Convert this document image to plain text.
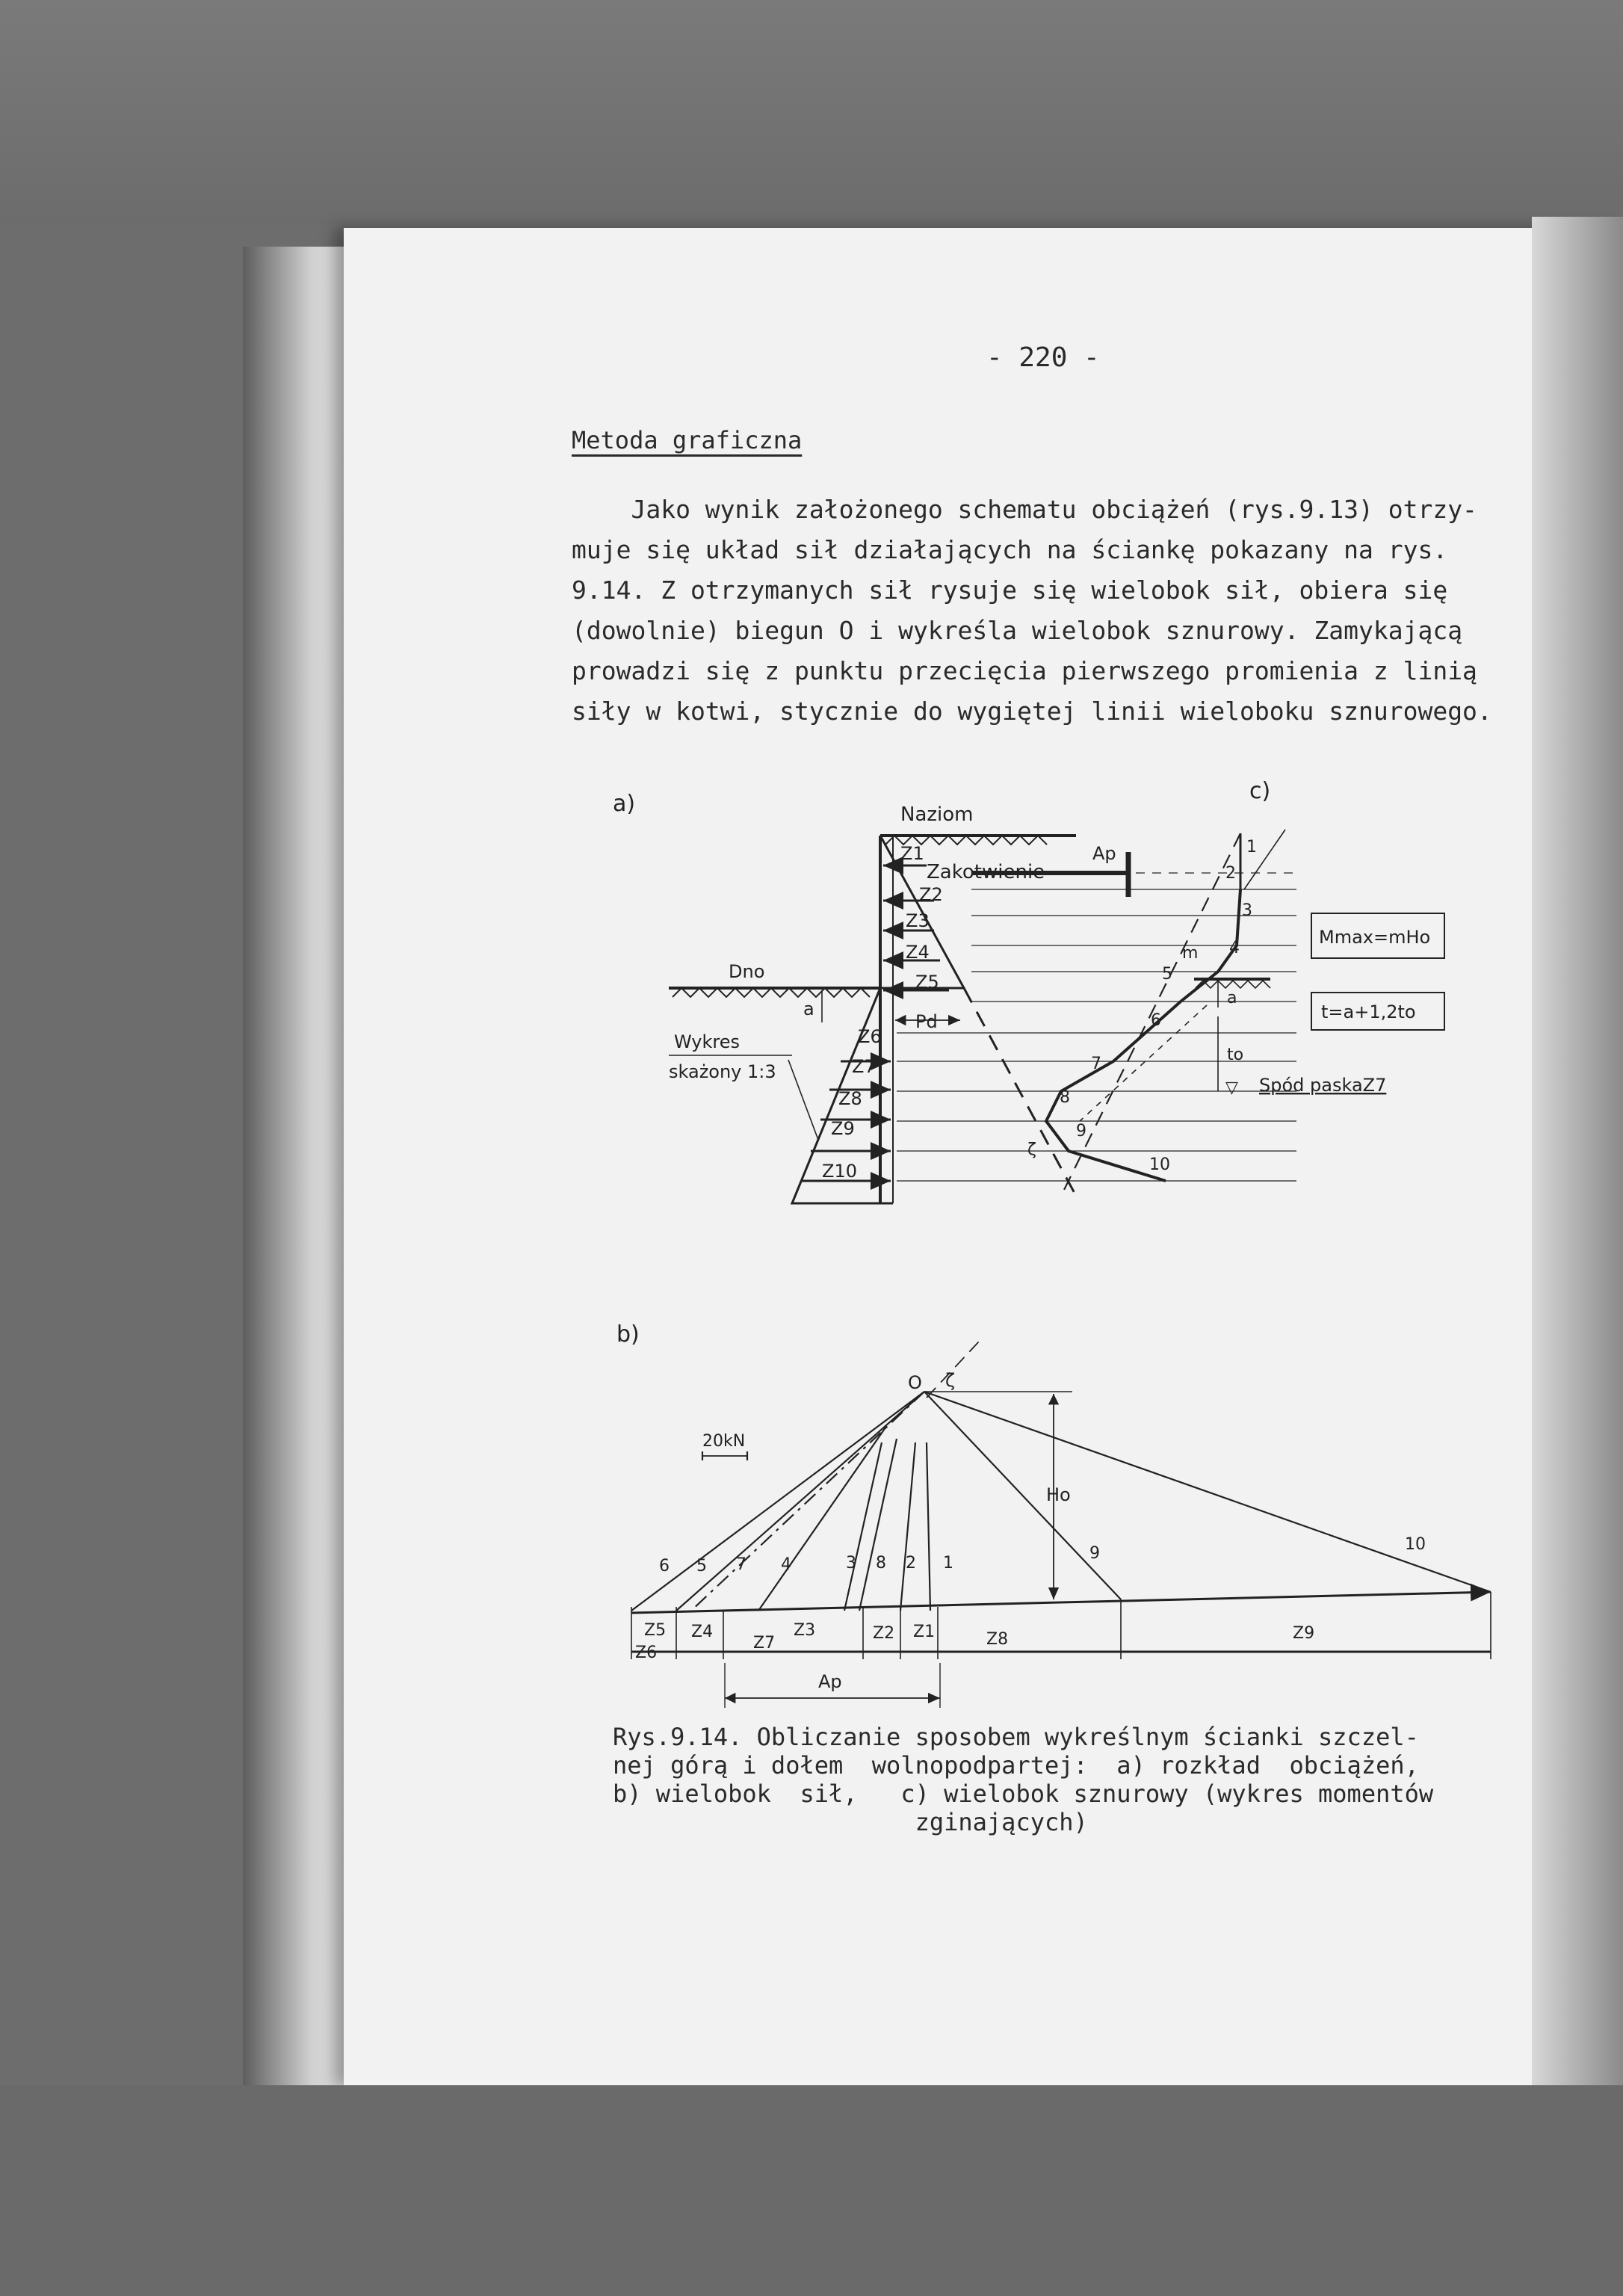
- 220 -
Metoda graficzna
Jako wynik założonego schematu obciążeń (rys.9.13) otrzy-
muje się układ sił działających na ściankę pokazany na rys.
9.14. Z otrzymanych sił rysuje się wielobok sił, obiera się
(dowolnie) biegun O i wykreśla wielobok sznurowy. Zamykającą
prowadzi się z punktu przecięcia pierwszego promienia z linią
siły w kotwi, stycznie do wygiętej linii wieloboku sznurowego.
a)	Naziom
Dno
Zakotwienie
Ap
Pd
a
Wykres
skażony 1:3
Z1
Z2
Z3
Z4
Z5
Z6
Z7
Z8
Z9
Z10
c)
1
2
3
4
5
6
7
8
9
10
m
ζ
a
to
▽ Spód paskaZ7
Mmax=mHo
t=a+1,2to
b)
O ζ
20kN
Ho
6 5 7 4	3 8 2 1
9	10
Z6
Z5 Z4
Z7
Z3	Z2 Z1	Z8	Z9
Ap
Rys.9.14. Obliczanie sposobem wykreślnym ścianki szczel-
nej górą i dołem  wolnopodpartej:  a) rozkład  obciążeń,
b) wielobok  sił,   c) wielobok sznurowy (wykres momentów
zginających)
